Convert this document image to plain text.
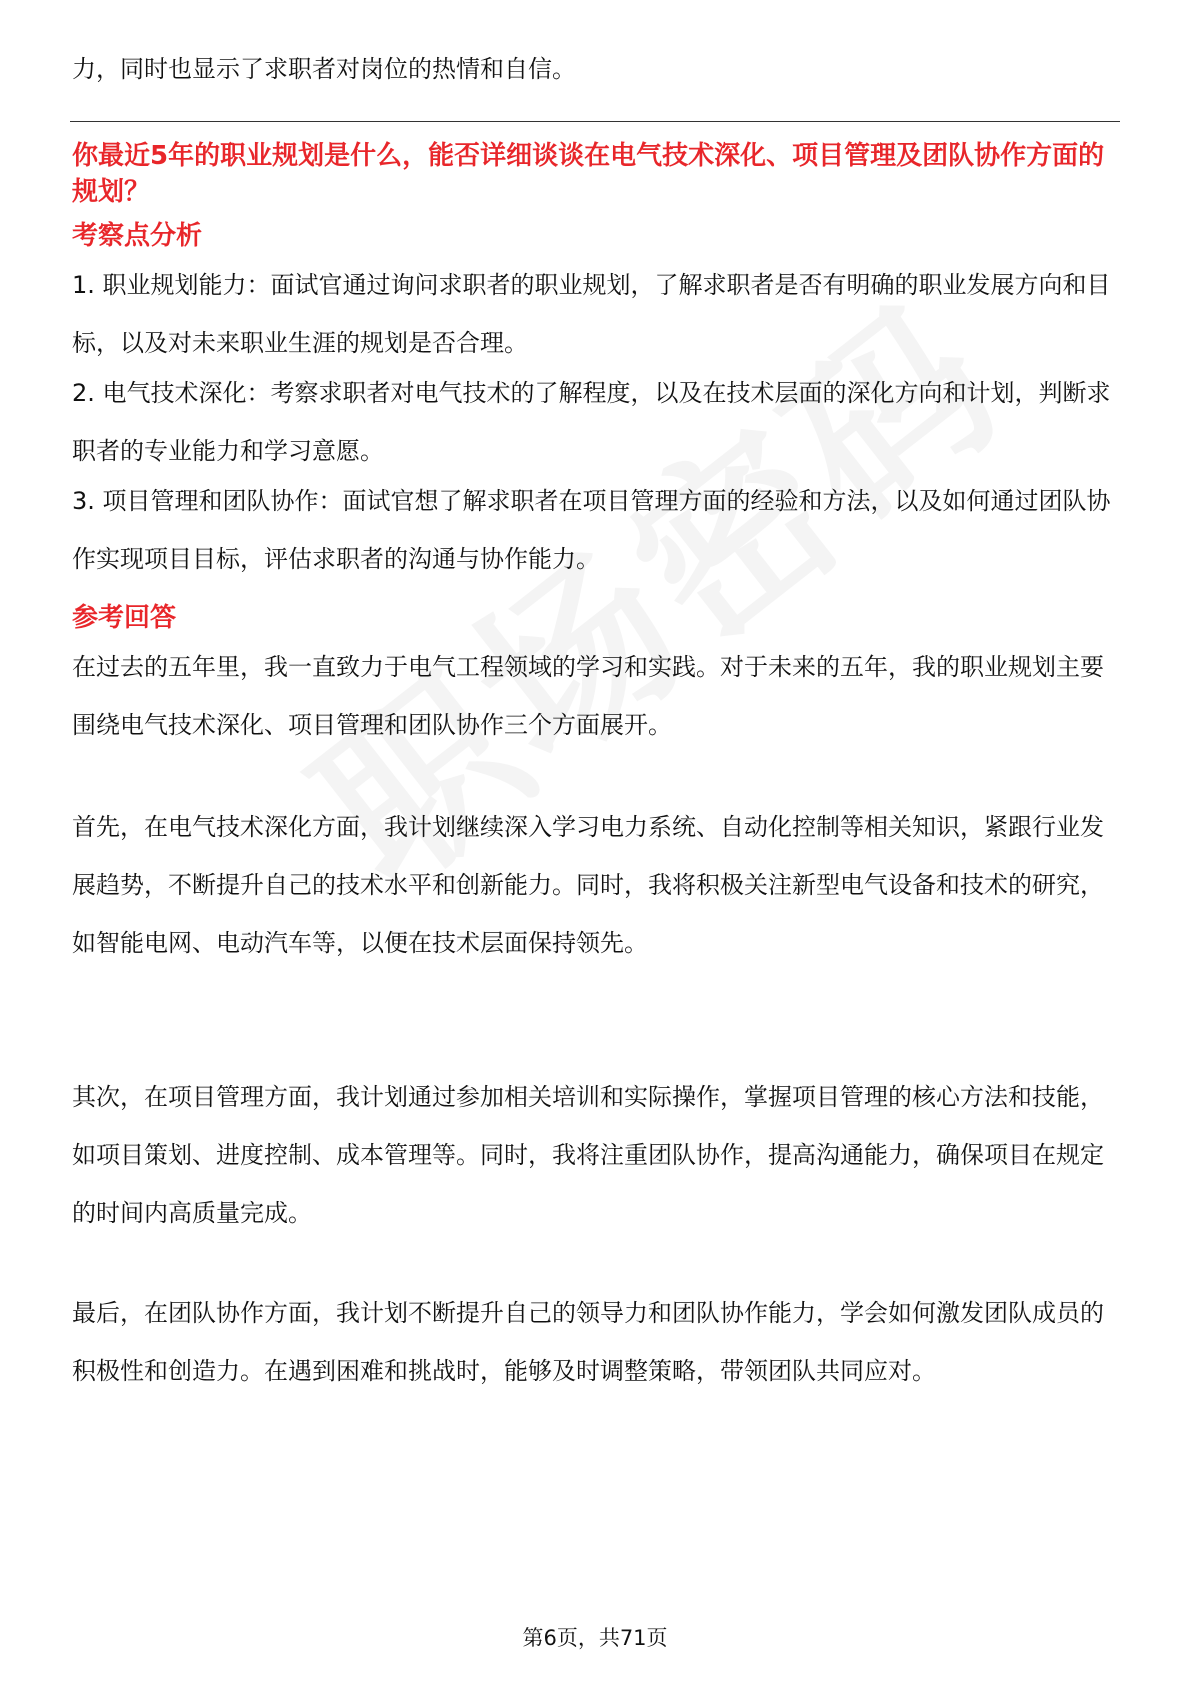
力，同时也显示了求职者对岗位的热情和自信。
你最近5年的职业规划是什么，能否详细谈谈在电气技术深化、项目管理及团队协作方面的规划？
考察点分析
1. 职业规划能力：面试官通过询问求职者的职业规划，了解求职者是否有明确的职业发展方向和目标，以及对未来职业生涯的规划是否合理。
2. 电气技术深化：考察求职者对电气技术的了解程度，以及在技术层面的深化方向和计划，判断求职者的专业能力和学习意愿。
3. 项目管理和团队协作：面试官想了解求职者在项目管理方面的经验和方法，以及如何通过团队协作实现项目目标，评估求职者的沟通与协作能力。
参考回答
在过去的五年里，我一直致力于电气工程领域的学习和实践。对于未来的五年，我的职业规划主要围绕电气技术深化、项目管理和团队协作三个方面展开。
首先，在电气技术深化方面，我计划继续深入学习电力系统、自动化控制等相关知识，紧跟行业发展趋势，不断提升自己的技术水平和创新能力。同时，我将积极关注新型电气设备和技术的研究，如智能电网、电动汽车等，以便在技术层面保持领先。
其次，在项目管理方面，我计划通过参加相关培训和实际操作，掌握项目管理的核心方法和技能，如项目策划、进度控制、成本管理等。同时，我将注重团队协作，提高沟通能力，确保项目在规定的时间内高质量完成。
最后，在团队协作方面，我计划不断提升自己的领导力和团队协作能力，学会如何激发团队成员的积极性和创造力。在遇到困难和挑战时，能够及时调整策略，带领团队共同应对。
第6页，共71页
